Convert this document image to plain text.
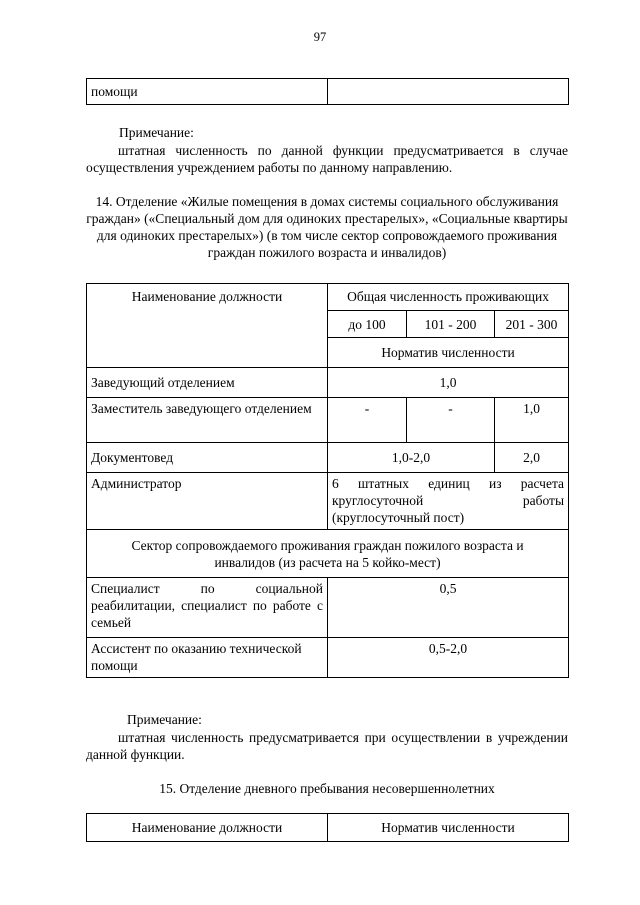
97
помощи	
Примечание:
штатная численность по данной функции предусматривается в случае осуществления учреждением работы по данному направлению.
14. Отделение «Жилые помещения в домах системы социального обслуживания граждан» («Специальный дом для одиноких престарелых», «Социальные квартиры для одиноких престарелых») (в том числе сектор сопровождаемого проживания граждан пожилого возраста и инвалидов)
Наименование должности	Общая численность проживающих		
	до 100	101 - 200	201 - 300
	Норматив численности		
Заведующий отделением	1,0		
Заместитель заведующего отделением	-	-	1,0
Документовед	1,0-2,0		2,0
Администратор	6 штатных единиц из расчета круглосуточной работы (круглосуточный пост)		
Сектор сопровождаемого проживания граждан пожилого возраста и инвалидов (из расчета на 5 койко-мест)			
Специалист по социальной реабилитации, специалист по работе с семьей	0,5		
Ассистент по оказанию технической помощи	0,5-2,0		
Примечание:
штатная численность предусматривается при осуществлении в учреждении данной функции.
15. Отделение дневного пребывания несовершеннолетних
Наименование должности	Норматив численности
